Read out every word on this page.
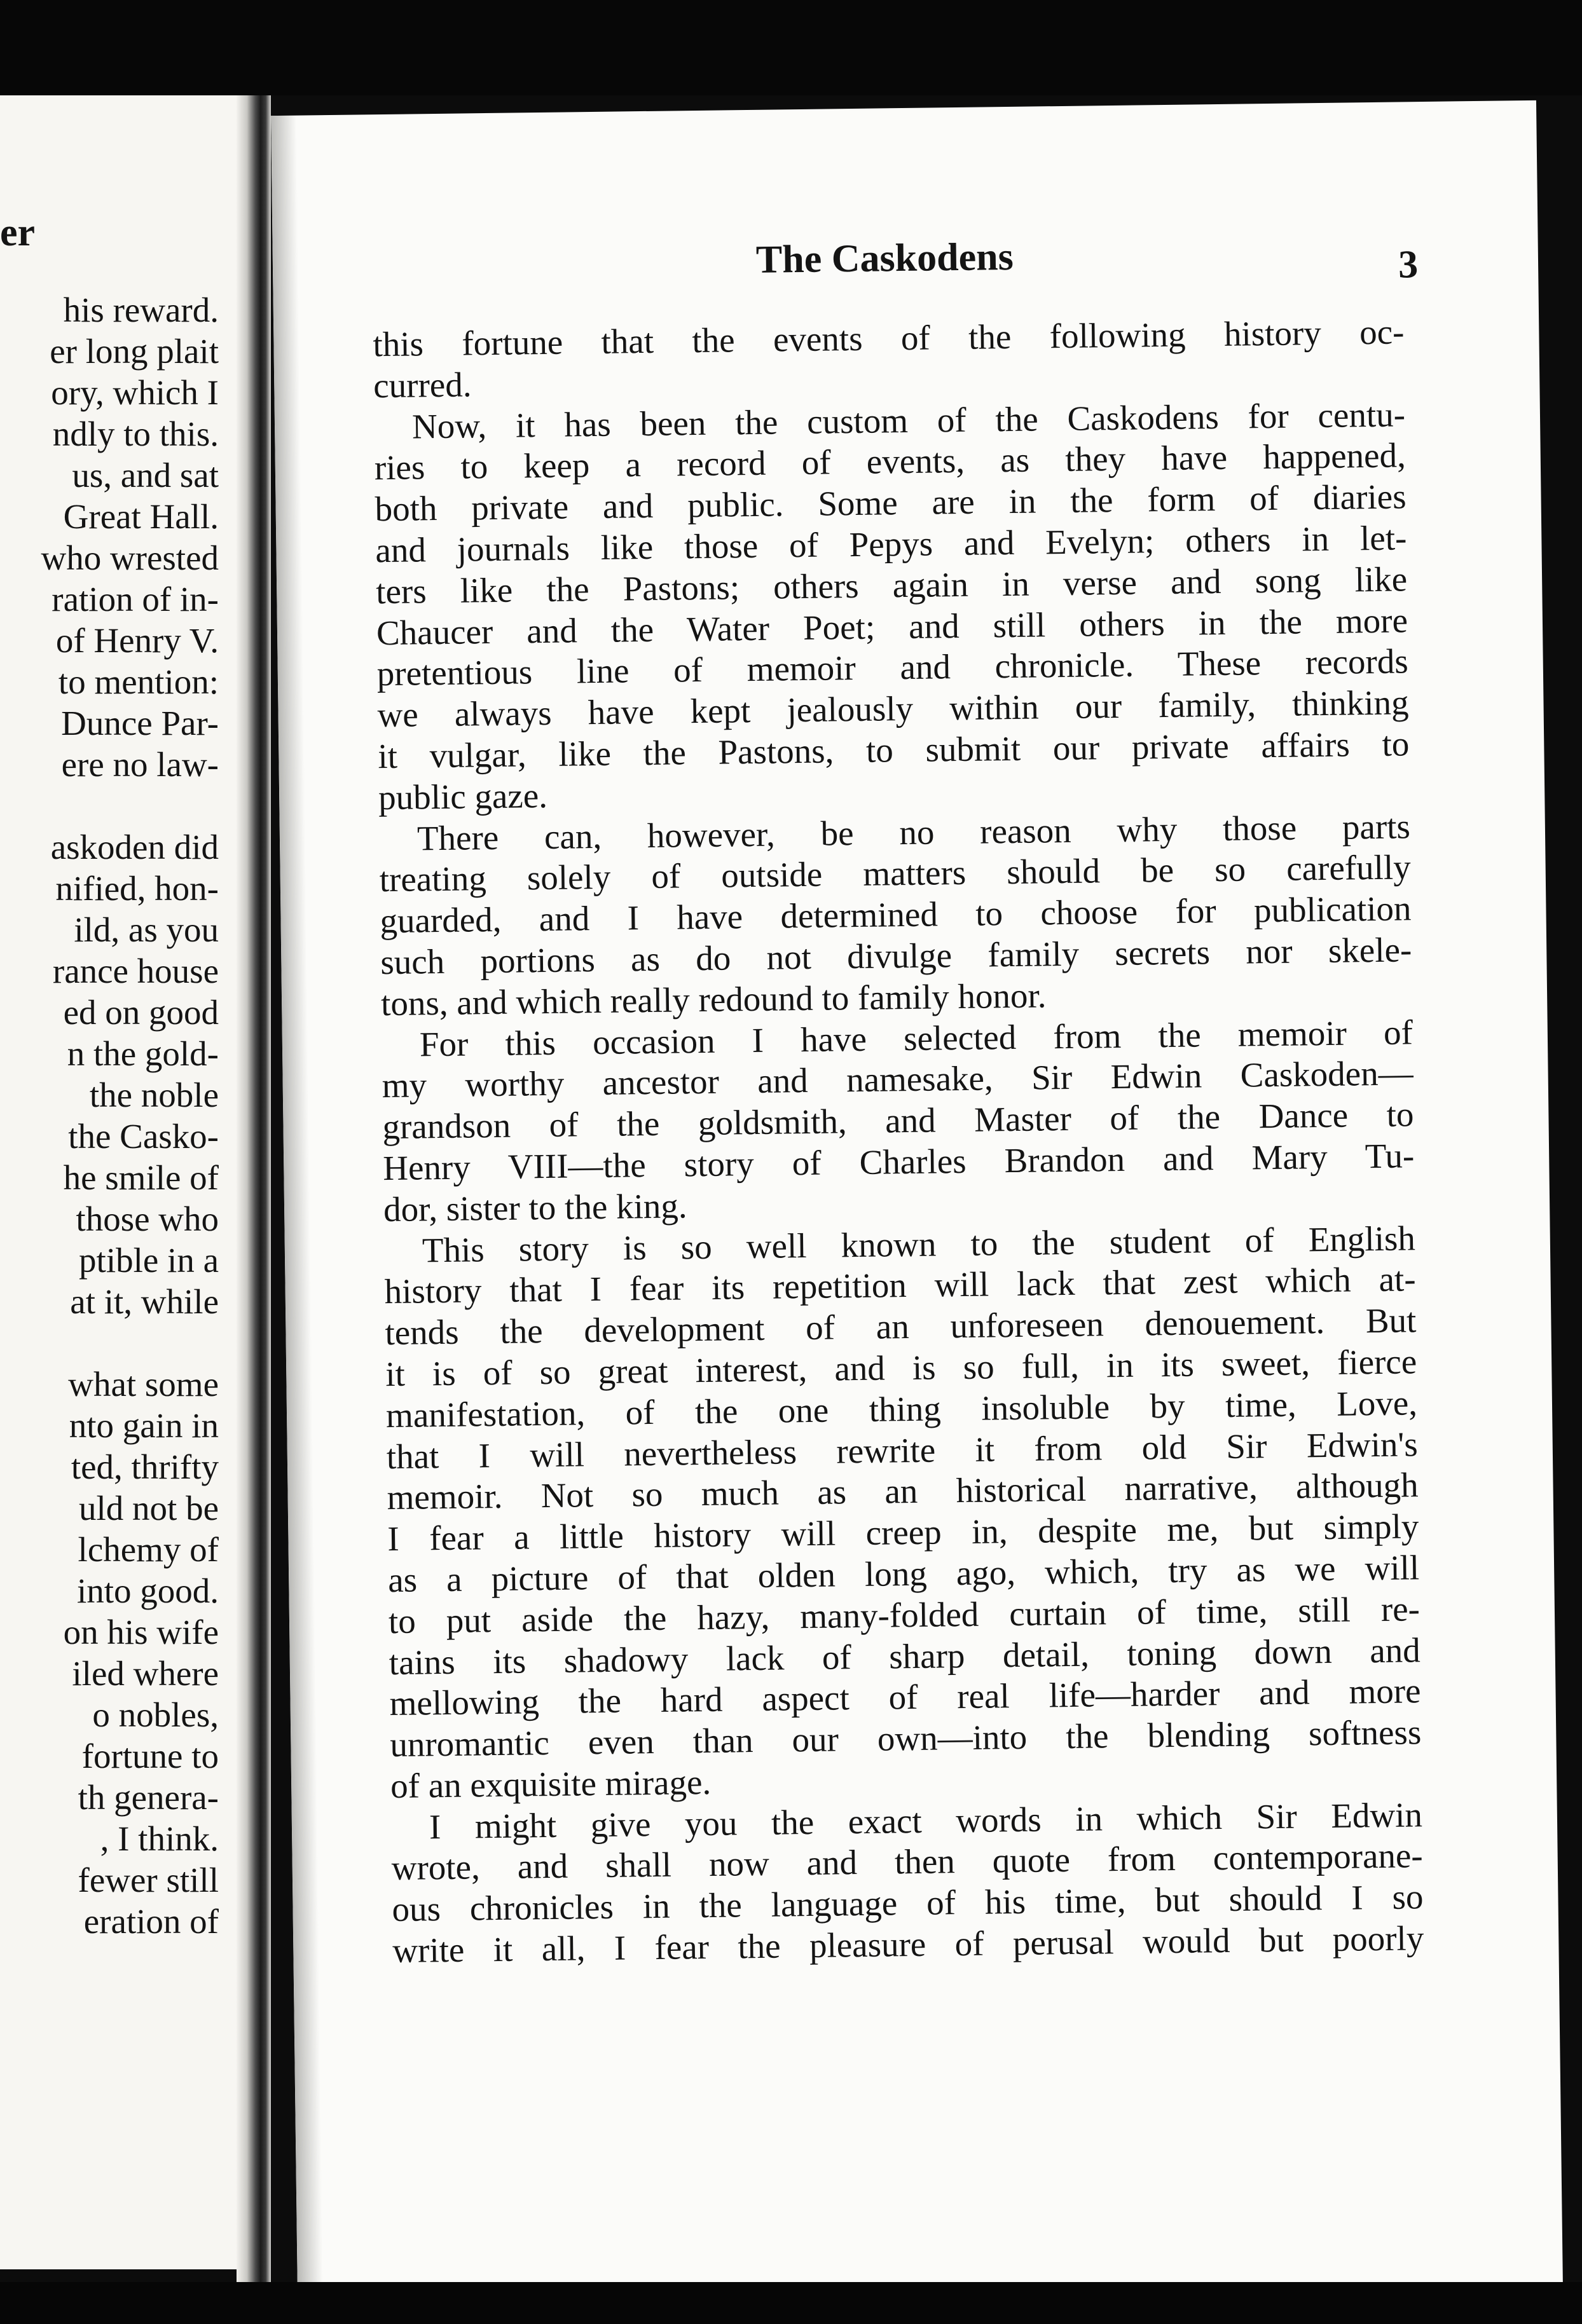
er
his reward.
er long plait
ory, which I
ndly to this.
us, and sat
Great Hall.
who wrested
ration of in-
of Henry V.
to mention:
Dunce Par-
ere no law-
askoden did
nified, hon-
ild, as you
rance house
ed on good
n the gold-
the noble
the Casko-
he smile of
those who
ptible in a
at it, while
what some
nto gain in
ted, thrifty
uld not be
lchemy of
into good.
on his wife
iled where
o nobles,
fortune to
th genera-
, I think.
fewer still
eration of
The Caskodens	3
this fortune that the events of the following history oc-
curred.
Now, it has been the custom of the Caskodens for centu-
ries to keep a record of events, as they have happened,
both private and public. Some are in the form of diaries
and journals like those of Pepys and Evelyn; others in let-
ters like the Pastons; others again in verse and song like
Chaucer and the Water Poet; and still others in the more
pretentious line of memoir and chronicle. These records
we always have kept jealously within our family, thinking
it vulgar, like the Pastons, to submit our private affairs to
public gaze.
There can, however, be no reason why those parts
treating solely of outside matters should be so carefully
guarded, and I have determined to choose for publication
such portions as do not divulge family secrets nor skele-
tons, and which really redound to family honor.
For this occasion I have selected from the memoir of
my worthy ancestor and namesake, Sir Edwin Caskoden—
grandson of the goldsmith, and Master of the Dance to
Henry VIII—the story of Charles Brandon and Mary Tu-
dor, sister to the king.
This story is so well known to the student of English
history that I fear its repetition will lack that zest which at-
tends the development of an unforeseen denouement. But
it is of so great interest, and is so full, in its sweet, fierce
manifestation, of the one thing insoluble by time, Love,
that I will nevertheless rewrite it from old Sir Edwin's
memoir. Not so much as an historical narrative, although
I fear a little history will creep in, despite me, but simply
as a picture of that olden long ago, which, try as we will
to put aside the hazy, many-folded curtain of time, still re-
tains its shadowy lack of sharp detail, toning down and
mellowing the hard aspect of real life—harder and more
unromantic even than our own—into the blending softness
of an exquisite mirage.
I might give you the exact words in which Sir Edwin
wrote, and shall now and then quote from contemporane-
ous chronicles in the language of his time, but should I so
write it all, I fear the pleasure of perusal would but poorly
